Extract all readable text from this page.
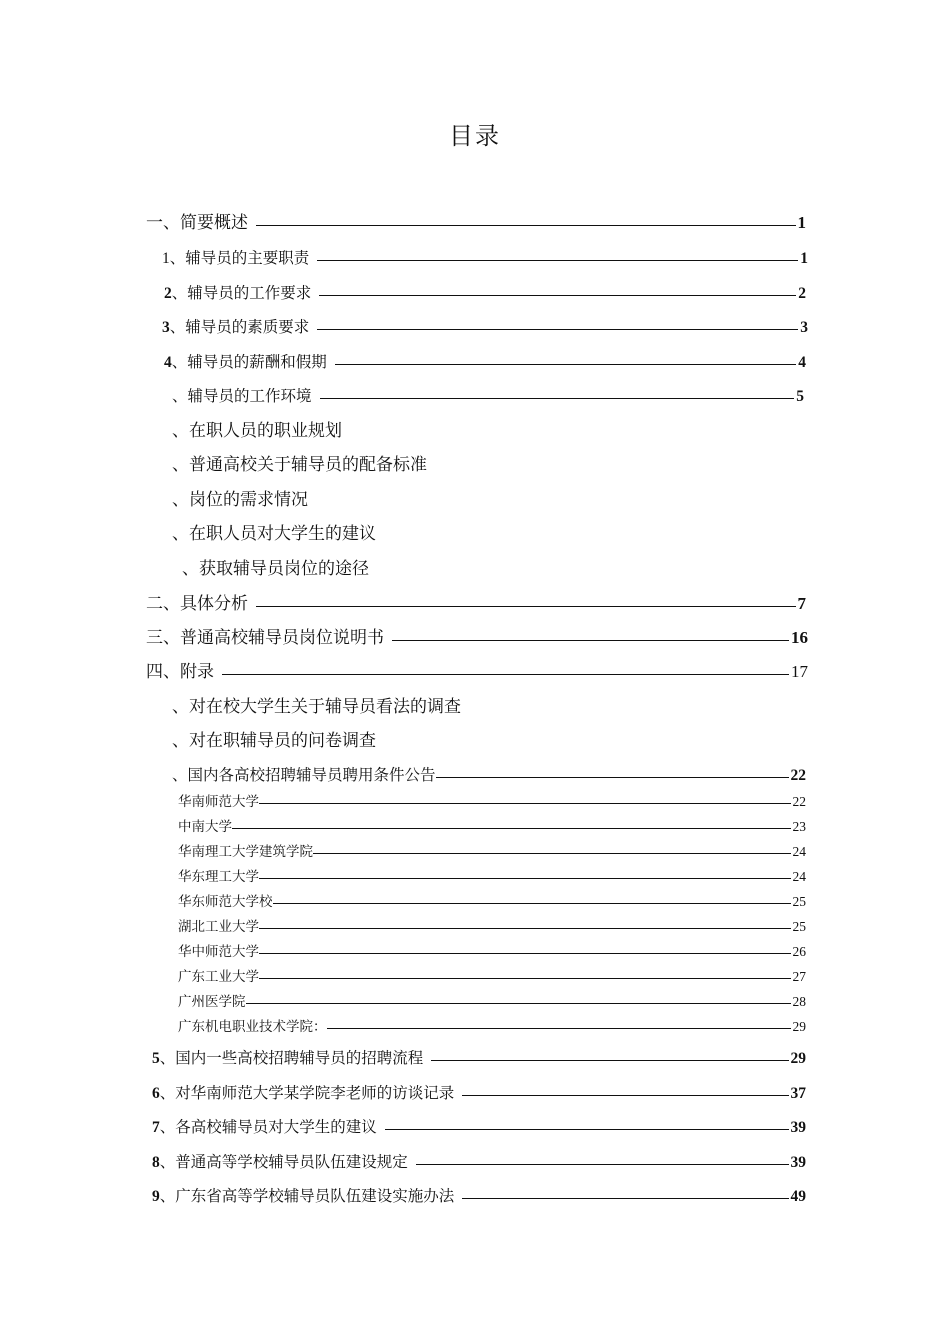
目录
一、简要概述	1
1、辅导员的主要职责	1
2、辅导员的工作要求	2
3、辅导员的素质要求	3
4、辅导员的薪酬和假期	4
、辅导员的工作环境	5
、在职人员的职业规划
、普通高校关于辅导员的配备标准
、岗位的需求情况
、在职人员对大学生的建议
、获取辅导员岗位的途径
二、具体分析	7
三、普通高校辅导员岗位说明书	16
四、附录	17
、对在校大学生关于辅导员看法的调查
、对在职辅导员的问卷调查
、国内各高校招聘辅导员聘用条件公告	22
华南师范大学	22
中南大学	23
华南理工大学建筑学院	24
华东理工大学	24
华东师范大学校	25
湖北工业大学	25
华中师范大学	26
广东工业大学	27
广州医学院	28
广东机电职业技术学院：	29
5、国内一些高校招聘辅导员的招聘流程	29
6、对华南师范大学某学院李老师的访谈记录	37
7、各高校辅导员对大学生的建议	39
8、普通高等学校辅导员队伍建设规定	39
9、广东省高等学校辅导员队伍建设实施办法	49
